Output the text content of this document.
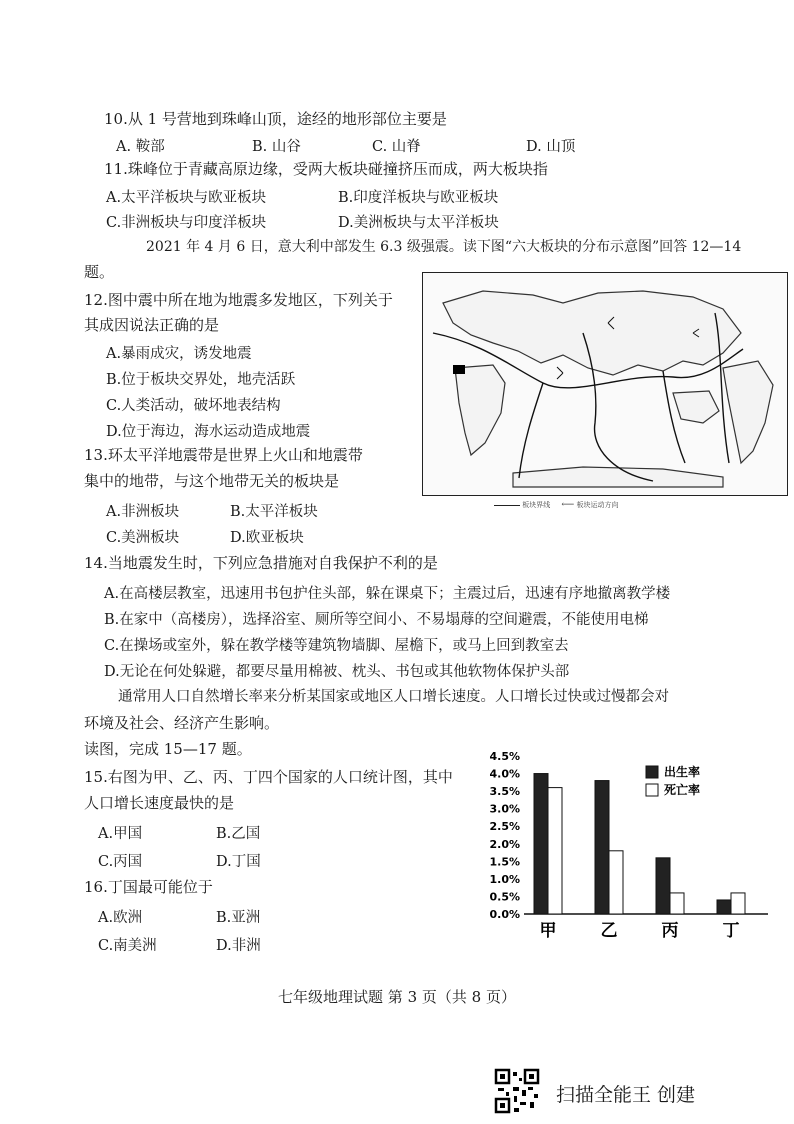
10.从 1 号营地到珠峰山顶，途经的地形部位主要是
A. 鞍部	B. 山谷	C. 山脊	D. 山顶
11.珠峰位于青藏高原边缘，受两大板块碰撞挤压而成，两大板块指
A.太平洋板块与欧亚板块	B.印度洋板块与欧亚板块
C.非洲板块与印度洋板块	D.美洲板块与太平洋板块
2021 年 4 月 6 日，意大利中部发生 6.3 级强震。读下图“六大板块的分布示意图”回答 12—14
题。
12.图中震中所在地为地震多发地区，下列关于
其成因说法正确的是
A.暴雨成灾，诱发地震
B.位于板块交界处，地壳活跃
C.人类活动，破坏地表结构
D.位于海边，海水运动造成地震
13.环太平洋地震带是世界上火山和地震带
集中的地带，与这个地带无关的板块是
A.非洲板块	B.太平洋板块
C.美洲板块	D.欧亚板块
板块界线 ⟵ 板块运动方向
14.当地震发生时，下列应急措施对自我保护不利的是
A.在高楼层教室，迅速用书包护住头部，躲在课桌下；主震过后，迅速有序地撤离教学楼
B.在家中（高楼房），选择浴室、厕所等空间小、不易塌蓐的空间避震，不能使用电梯
C.在操场或室外，躲在教学楼等建筑物墙脚、屋檐下，或马上回到教室去
D.无论在何处躲避，都要尽量用棉被、枕头、书包或其他软物体保护头部
通常用人口自然增长率来分析某国家或地区人口增长速度。人口增长过快或过慢都会对
环境及社会、经济产生影响。
读图，完成 15—17 题。
15.右图为甲、乙、丙、丁四个国家的人口统计图，其中
人口增长速度最快的是
A.甲国	B.乙国
C.丙国	D.丁国
16.丁国最可能位于
A.欧洲	B.亚洲
C.南美洲	D.非洲
0.0%
0.5%
1.0%
1.5%
2.0%
2.5%
3.0%
3.5%
4.0%
4.5%
甲	乙	丙	丁
出生率
死亡率
七年级地理试题 第 3 页（共 8 页）
扫描全能王 创建
